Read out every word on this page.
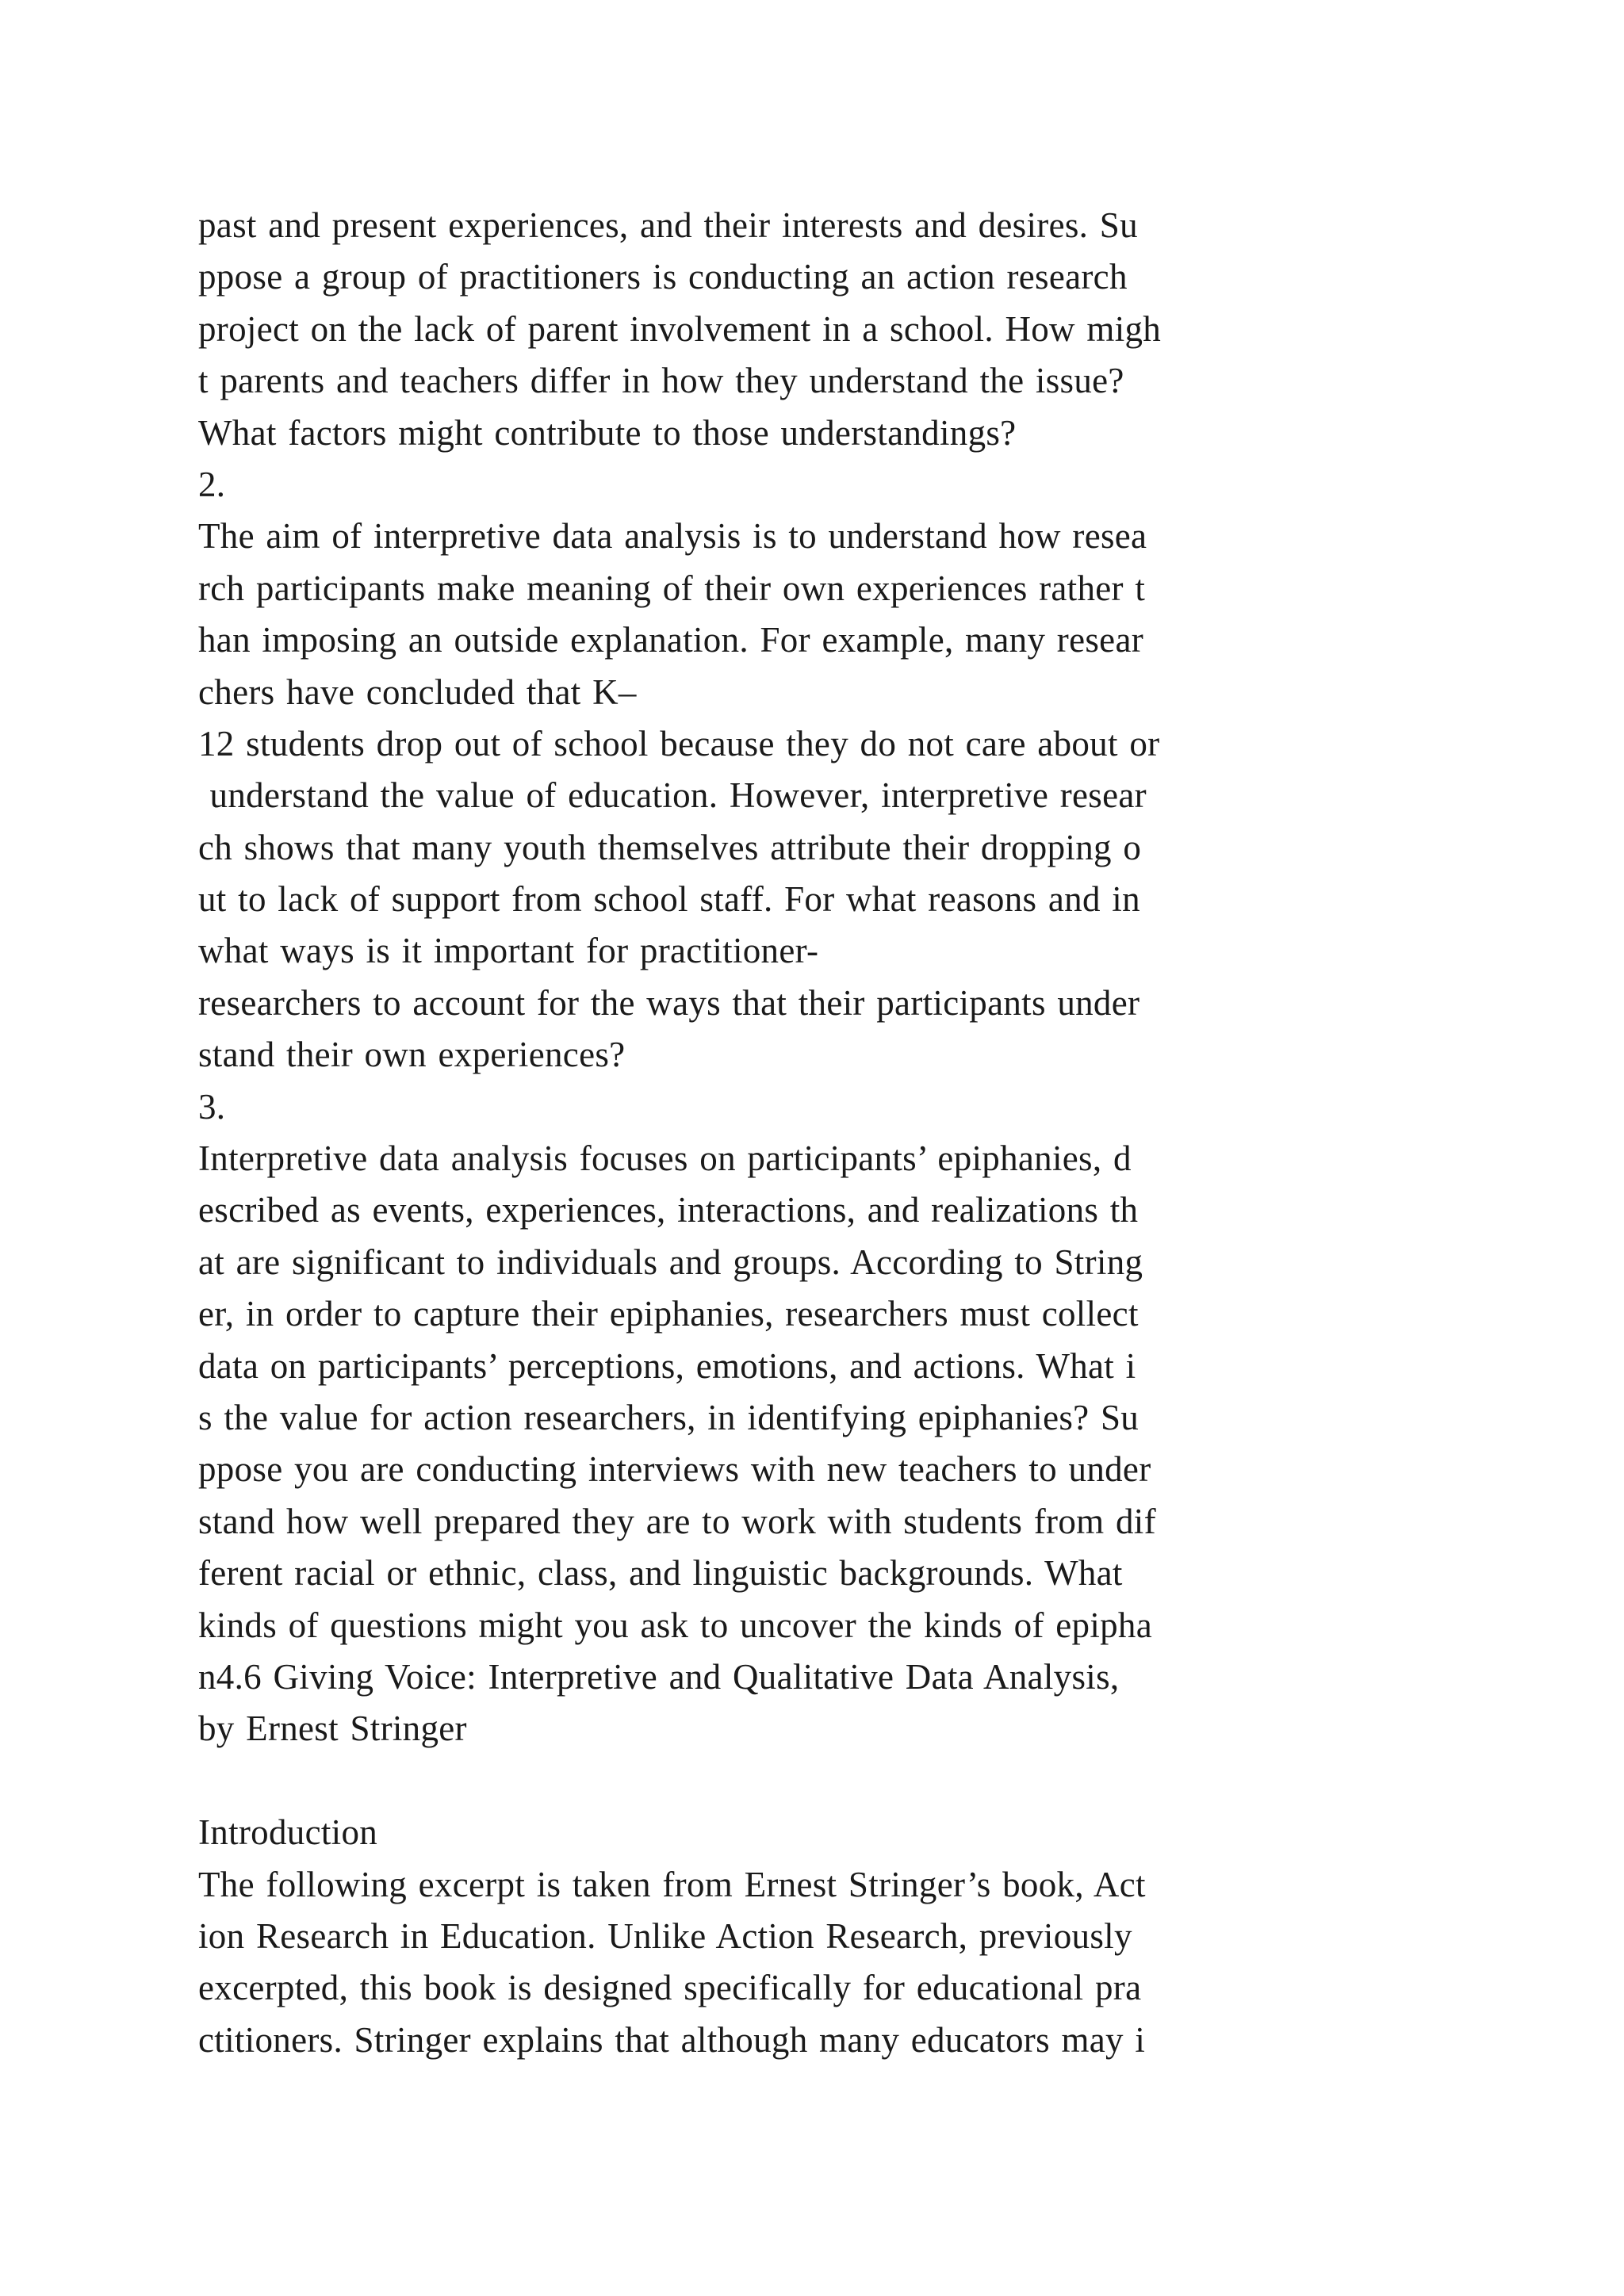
past and present experiences, and their interests and desires. Su
ppose a group of practitioners is conducting an action research
project on the lack of parent involvement in a school. How migh
t parents and teachers differ in how they understand the issue?
What factors might contribute to those understandings?
2.
The aim of interpretive data analysis is to understand how resea
rch participants make meaning of their own experiences rather t
han imposing an outside explanation. For example, many resear
chers have concluded that K–
12 students drop out of school because they do not care about or
understand the value of education. However, interpretive resear
ch shows that many youth themselves attribute their dropping o
ut to lack of support from school staff. For what reasons and in
what ways is it important for practitioner-
researchers to account for the ways that their participants under
stand their own experiences?
3.
Interpretive data analysis focuses on participants’ epiphanies, d
escribed as events, experiences, interactions, and realizations th
at are significant to individuals and groups. According to String
er, in order to capture their epiphanies, researchers must collect
data on participants’ perceptions, emotions, and actions. What i
s the value for action researchers, in identifying epiphanies? Su
ppose you are conducting interviews with new teachers to under
stand how well prepared they are to work with students from dif
ferent racial or ethnic, class, and linguistic backgrounds. What
kinds of questions might you ask to uncover the kinds of epipha
n4.6 Giving Voice: Interpretive and Qualitative Data Analysis,
by Ernest Stringer
Introduction
The following excerpt is taken from Ernest Stringer’s book, Act
ion Research in Education. Unlike Action Research, previously
excerpted, this book is designed specifically for educational pra
ctitioners. Stringer explains that although many educators may i
